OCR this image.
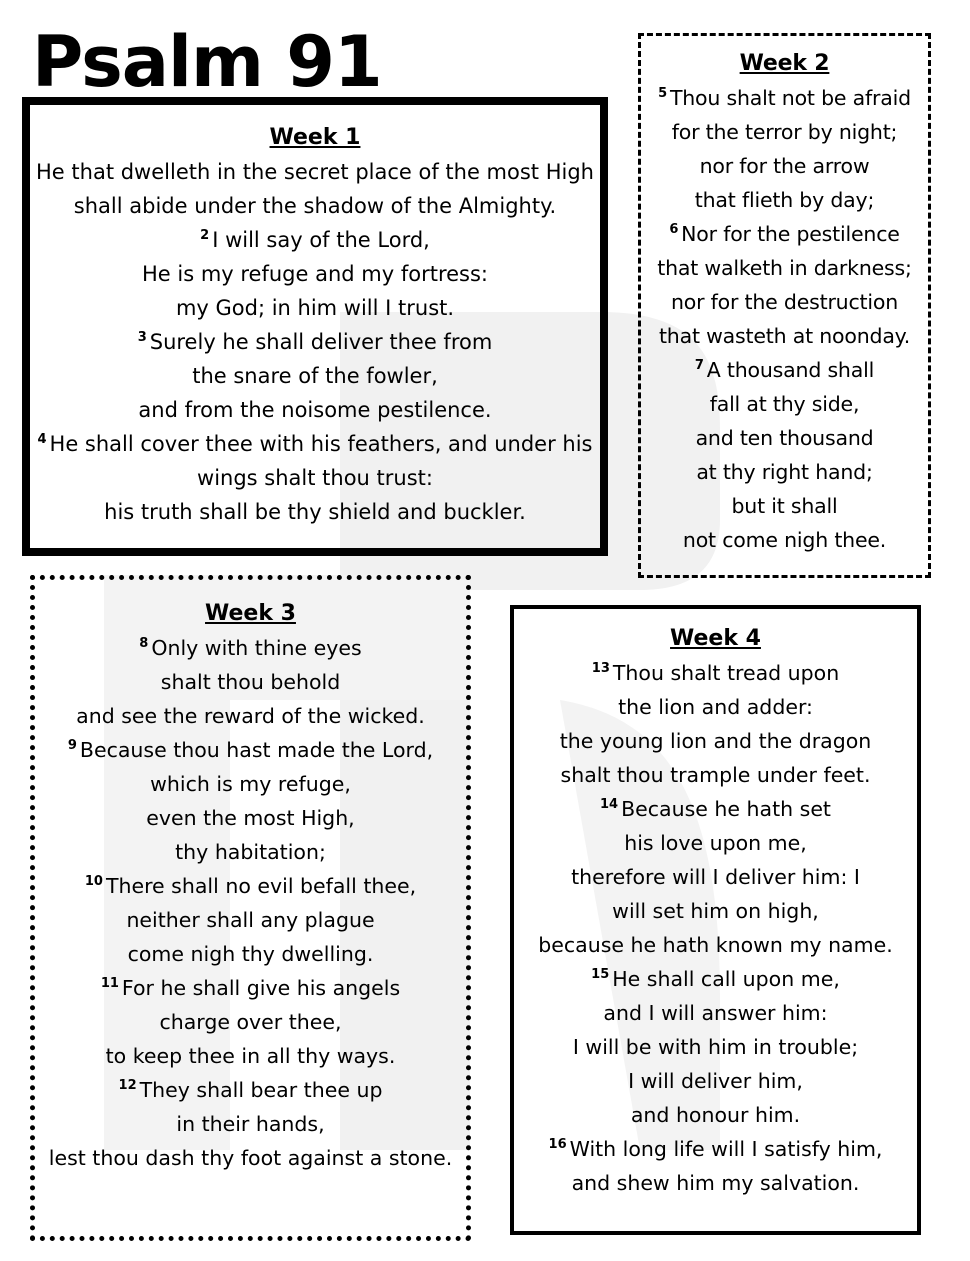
Psalm 91
Week 1
He that dwelleth in the secret place of the most High
shall abide under the shadow of the Almighty.
$^2$ I will say of the Lord,
He is my refuge and my fortress:
my God; in him will I trust.
$^3$ Surely he shall deliver thee from
the snare of the fowler,
and from the noisome pestilence.
$^4$ He shall cover thee with his feathers, and under his
wings shalt thou trust:
his truth shall be thy shield and buckler.
Week 2
$^5$ Thou shalt not be afraid
for the terror by night;
nor for the arrow
that flieth by day;
$^6$ Nor for the pestilence
that walketh in darkness;
nor for the destruction
that wasteth at noonday.
$^7$ A thousand shall
fall at thy side,
and ten thousand
at thy right hand;
but it shall
not come nigh thee.
Week 3
$^8$ Only with thine eyes
shalt thou behold
and see the reward of the wicked.
$^9$ Because thou hast made the Lord,
which is my refuge,
even the most High,
thy habitation;
$^{10}$ There shall no evil befall thee,
neither shall any plague
come nigh thy dwelling.
$^{11}$ For he shall give his angels
charge over thee,
to keep thee in all thy ways.
$^{12}$ They shall bear thee up
in their hands,
lest thou dash thy foot against a stone.
Week 4
$^{13}$ Thou shalt tread upon
the lion and adder:
the young lion and the dragon
shalt thou trample under feet.
$^{14}$ Because he hath set
his love upon me,
therefore will I deliver him: I
will set him on high,
because he hath known my name.
$^{15}$ He shall call upon me,
and I will answer him:
I will be with him in trouble;
I will deliver him,
and honour him.
$^{16}$ With long life will I satisfy him,
and shew him my salvation.
